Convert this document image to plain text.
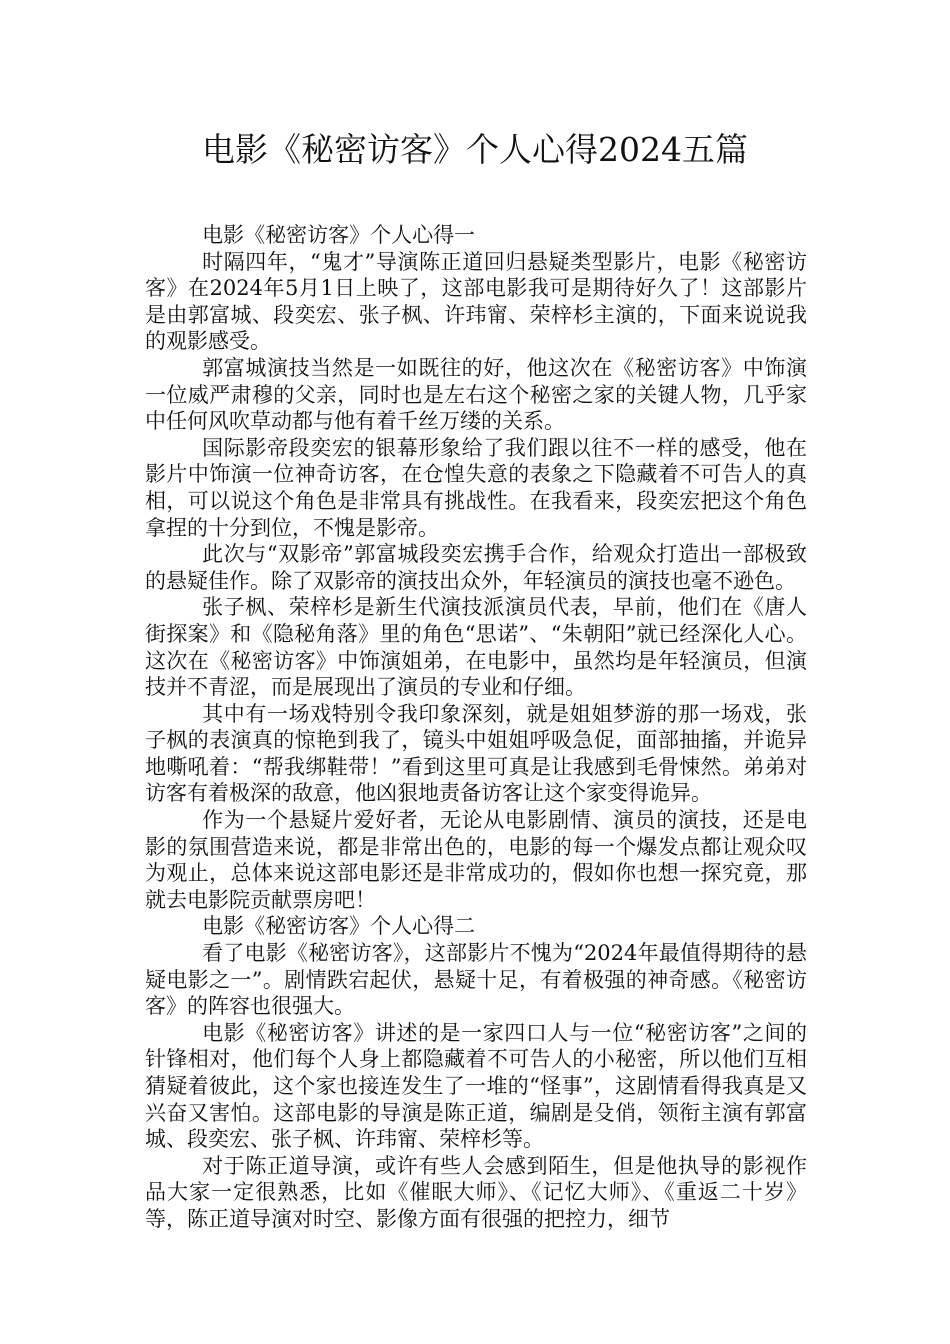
电影《秘密访客》个人心得2024五篇

电影《秘密访客》个人心得一

时隔四年，“鬼才”导演陈正道回归悬疑类型影片，电影《秘密访客》在2024年5月1日上映了，这部电影我可是期待好久了！这部影片是由郭富城、段奕宏、张子枫、许玮甯、荣梓杉主演的，下面来说说我的观影感受。

郭富城演技当然是一如既往的好，他这次在《秘密访客》中饰演一位威严肃穆的父亲，同时也是左右这个秘密之家的关键人物，几乎家中任何风吹草动都与他有着千丝万缕的关系。

国际影帝段奕宏的银幕形象给了我们跟以往不一样的感受，他在影片中饰演一位神奇访客，在仓惶失意的表象之下隐藏着不可告人的真相，可以说这个角色是非常具有挑战性。在我看来，段奕宏把这个角色拿捏的十分到位，不愧是影帝。

此次与“双影帝”郭富城段奕宏携手合作，给观众打造出一部极致的悬疑佳作。除了双影帝的演技出众外，年轻演员的演技也毫不逊色。

张子枫、荣梓杉是新生代演技派演员代表，早前，他们在《唐人街探案》和《隐秘角落》里的角色“思诺”、“朱朝阳”就已经深化人心。这次在《秘密访客》中饰演姐弟，在电影中，虽然均是年轻演员，但演技并不青涩，而是展现出了演员的专业和仔细。

其中有一场戏特别令我印象深刻，就是姐姐梦游的那一场戏，张子枫的表演真的惊艳到我了，镜头中姐姐呼吸急促，面部抽搐，并诡异地嘶吼着：“帮我绑鞋带！”看到这里可真是让我感到毛骨悚然。弟弟对访客有着极深的敌意，他凶狠地责备访客让这个家变得诡异。

作为一个悬疑片爱好者，无论从电影剧情、演员的演技，还是电影的氛围营造来说，都是非常出色的，电影的每一个爆发点都让观众叹为观止，总体来说这部电影还是非常成功的，假如你也想一探究竟，那就去电影院贡献票房吧！

电影《秘密访客》个人心得二

看了电影《秘密访客》，这部影片不愧为“2024年最值得期待的悬疑电影之一”。剧情跌宕起伏，悬疑十足，有着极强的神奇感。《秘密访客》的阵容也很强大。

电影《秘密访客》讲述的是一家四口人与一位“秘密访客”之间的针锋相对，他们每个人身上都隐藏着不可告人的小秘密，所以他们互相猜疑着彼此，这个家也接连发生了一堆的“怪事”，这剧情看得我真是又兴奋又害怕。这部电影的导演是陈正道，编剧是殳俏，领衔主演有郭富城、段奕宏、张子枫、许玮甯、荣梓杉等。

对于陈正道导演，或许有些人会感到陌生，但是他执导的影视作品大家一定很熟悉，比如《催眠大师》、《记忆大师》、《重返二十岁》等，陈正道导演对时空、影像方面有很强的把控力，细节
